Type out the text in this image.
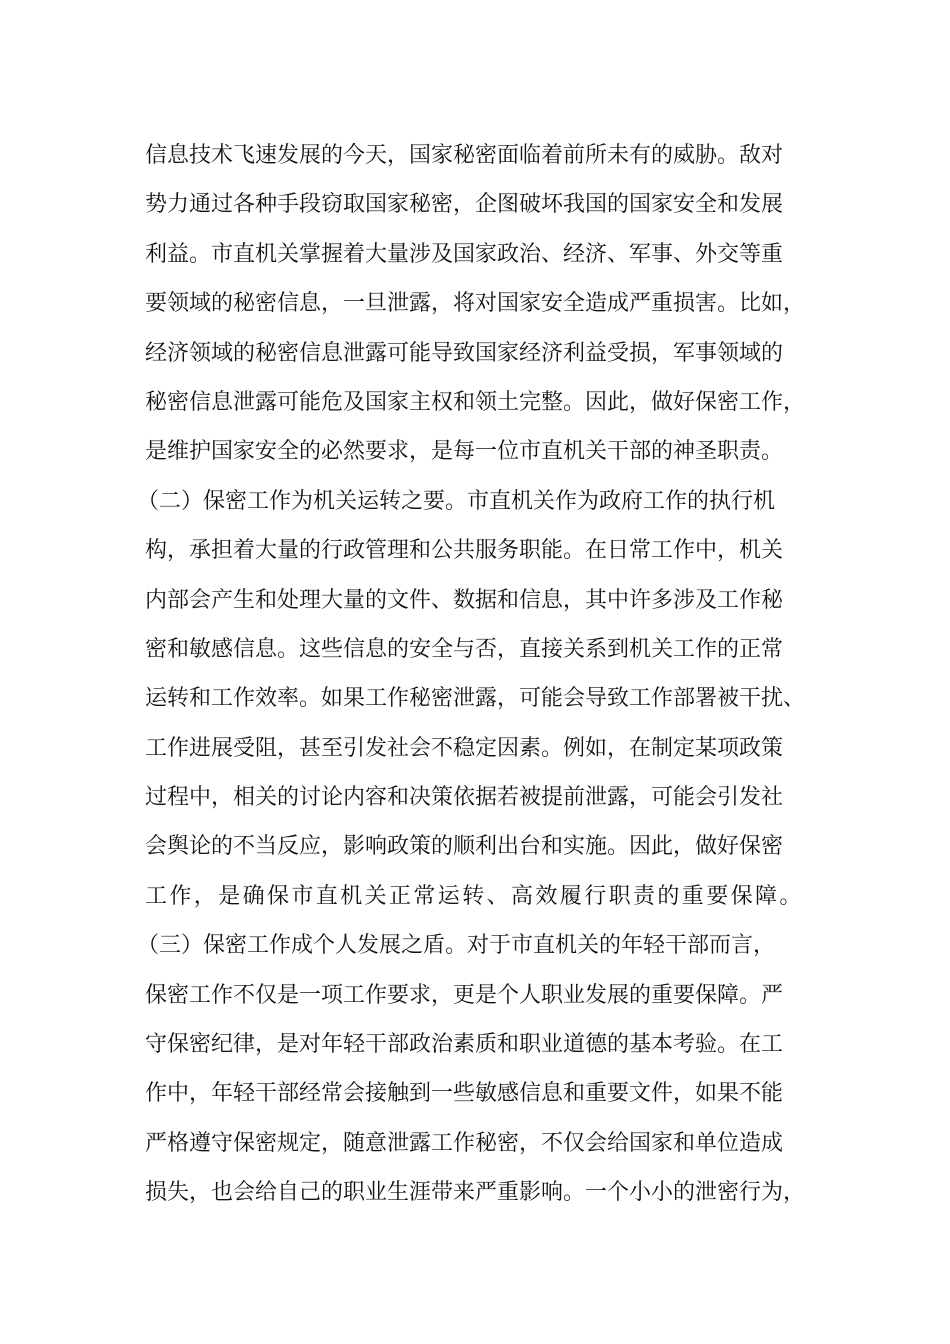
信息技术飞速发展的今天，国家秘密面临着前所未有的威胁。敌对
势力通过各种手段窃取国家秘密，企图破坏我国的国家安全和发展
利益。市直机关掌握着大量涉及国家政治、经济、军事、外交等重
要领域的秘密信息，一旦泄露，将对国家安全造成严重损害。比如，
经济领域的秘密信息泄露可能导致国家经济利益受损，军事领域的
秘密信息泄露可能危及国家主权和领土完整。因此，做好保密工作，
是维护国家安全的必然要求，是每一位市直机关干部的神圣职责。
（二）保密工作为机关运转之要。市直机关作为政府工作的执行机
构，承担着大量的行政管理和公共服务职能。在日常工作中，机关
内部会产生和处理大量的文件、数据和信息，其中许多涉及工作秘
密和敏感信息。这些信息的安全与否，直接关系到机关工作的正常
运转和工作效率。如果工作秘密泄露，可能会导致工作部署被干扰、
工作进展受阻，甚至引发社会不稳定因素。例如，在制定某项政策
过程中，相关的讨论内容和决策依据若被提前泄露，可能会引发社
会舆论的不当反应，影响政策的顺利出台和实施。因此，做好保密
工作，是确保市直机关正常运转、高效履行职责的重要保障。
（三）保密工作成个人发展之盾。对于市直机关的年轻干部而言，
保密工作不仅是一项工作要求，更是个人职业发展的重要保障。严
守保密纪律，是对年轻干部政治素质和职业道德的基本考验。在工
作中，年轻干部经常会接触到一些敏感信息和重要文件，如果不能
严格遵守保密规定，随意泄露工作秘密，不仅会给国家和单位造成
损失，也会给自己的职业生涯带来严重影响。一个小小的泄密行为，
